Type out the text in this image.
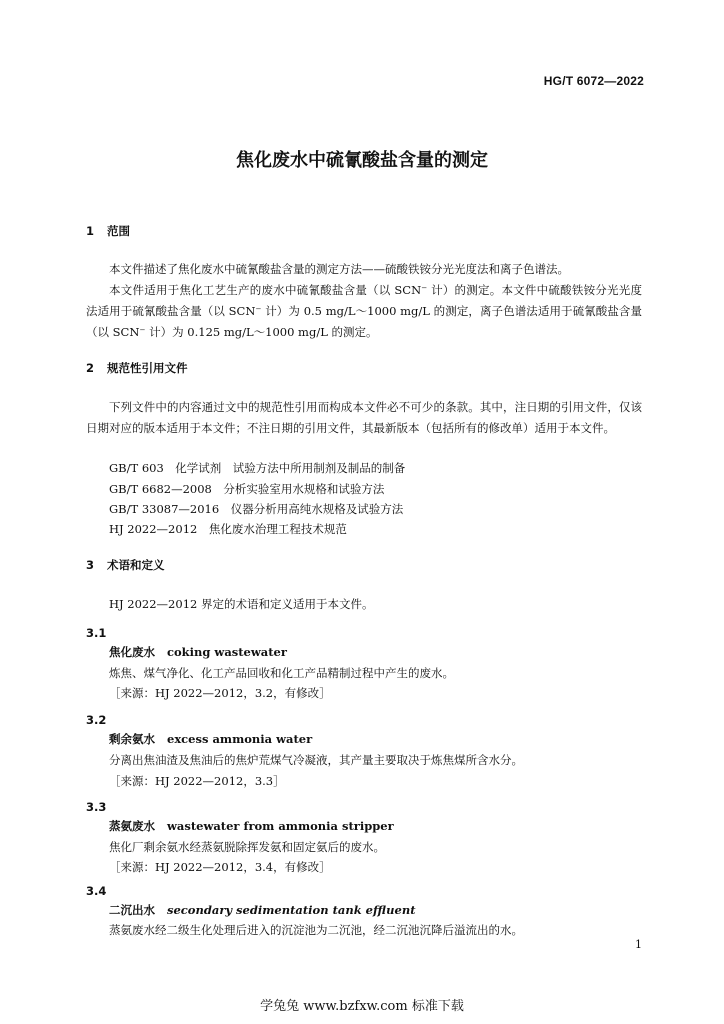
HG/T 6072—2022
焦化废水中硫氰酸盐含量的测定
1 范围
本文件描述了焦化废水中硫氰酸盐含量的测定方法——硫酸铁铵分光光度法和离子色谱法。
本文件适用于焦化工艺生产的废水中硫氰酸盐含量（以 SCN⁻ 计）的测定。本文件中硫酸铁铵分光光度法适用于硫氰酸盐含量（以 SCN⁻ 计）为 0.5 mg/L～1000 mg/L 的测定，离子色谱法适用于硫氰酸盐含量（以 SCN⁻ 计）为 0.125 mg/L～1000 mg/L 的测定。
2 规范性引用文件
下列文件中的内容通过文中的规范性引用而构成本文件必不可少的条款。其中，注日期的引用文件，仅该日期对应的版本适用于本文件；不注日期的引用文件，其最新版本（包括所有的修改单）适用于本文件。
GB/T 603　 化学试剂　试验方法中所用制剂及制品的制备
GB/T 6682—2008　 分析实验室用水规格和试验方法
GB/T 33087—2016　 仪器分析用高纯水规格及试验方法
HJ 2022—2012　 焦化废水治理工程技术规范
3 术语和定义
HJ 2022—2012 界定的术语和定义适用于本文件。
3.1
焦化废水 coking wastewater
炼焦、煤气净化、化工产品回收和化工产品精制过程中产生的废水。
［来源：HJ 2022—2012，3.2，有修改］
3.2
剩余氨水 excess ammonia water
分离出焦油渣及焦油后的焦炉荒煤气冷凝液，其产量主要取决于炼焦煤所含水分。
［来源：HJ 2022—2012，3.3］
3.3
蒸氨废水 wastewater from ammonia stripper
焦化厂剩余氨水经蒸氨脱除挥发氨和固定氨后的废水。
［来源：HJ 2022—2012，3.4，有修改］
3.4
二沉出水 secondary sedimentation tank effluent
蒸氨废水经二级生化处理后进入的沉淀池为二沉池，经二沉池沉降后溢流出的水。
1
学兔兔 www.bzfxw.com 标准下载
